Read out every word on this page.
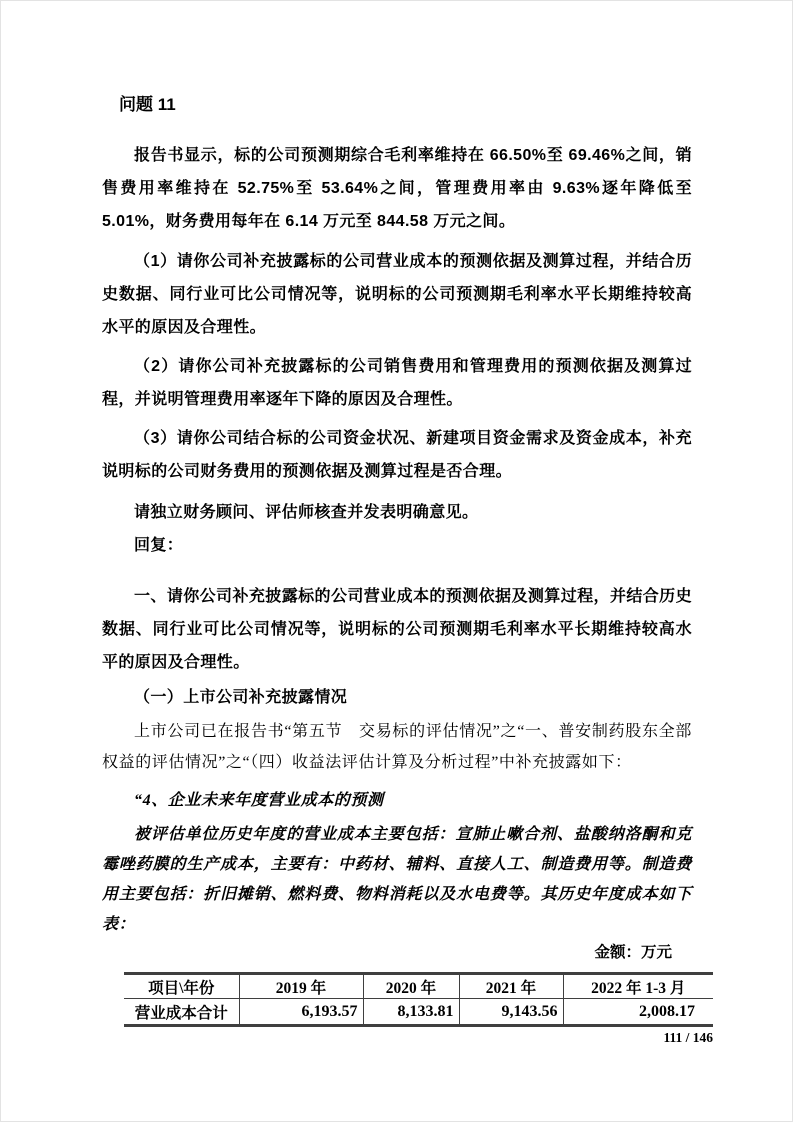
问题 11

报告书显示，标的公司预测期综合毛利率维持在 66.50%至 69.46%之间，销售费用率维持在 52.75%至 53.64%之间，管理费用率由 9.63%逐年降低至5.01%，财务费用每年在 6.14 万元至 844.58 万元之间。

（1）请你公司补充披露标的公司营业成本的预测依据及测算过程，并结合历史数据、同行业可比公司情况等，说明标的公司预测期毛利率水平长期维持较高水平的原因及合理性。

（2）请你公司补充披露标的公司销售费用和管理费用的预测依据及测算过程，并说明管理费用率逐年下降的原因及合理性。

（3）请你公司结合标的公司资金状况、新建项目资金需求及资金成本，补充说明标的公司财务费用的预测依据及测算过程是否合理。

请独立财务顾问、评估师核查并发表明确意见。

回复：

一、请你公司补充披露标的公司营业成本的预测依据及测算过程，并结合历史数据、同行业可比公司情况等，说明标的公司预测期毛利率水平长期维持较高水平的原因及合理性。

（一）上市公司补充披露情况

上市公司已在报告书“第五节　交易标的评估情况”之“一、普安制药股东全部权益的评估情况”之“（四）收益法评估计算及分析过程”中补充披露如下：

“4、企业未来年度营业成本的预测

被评估单位历史年度的营业成本主要包括：宣肺止嗽合剂、盐酸纳洛酮和克霉唑药膜的生产成本，主要有：中药材、辅料、直接人工、制造费用等。制造费用主要包括：折旧摊销、燃料费、物料消耗以及水电费等。其历史年度成本如下表：

金额：万元
项目\年份	2019 年	2020 年	2021 年	2022 年 1-3 月
营业成本合计	6,193.57	8,133.81	9,143.56	2,008.17
111 / 146
